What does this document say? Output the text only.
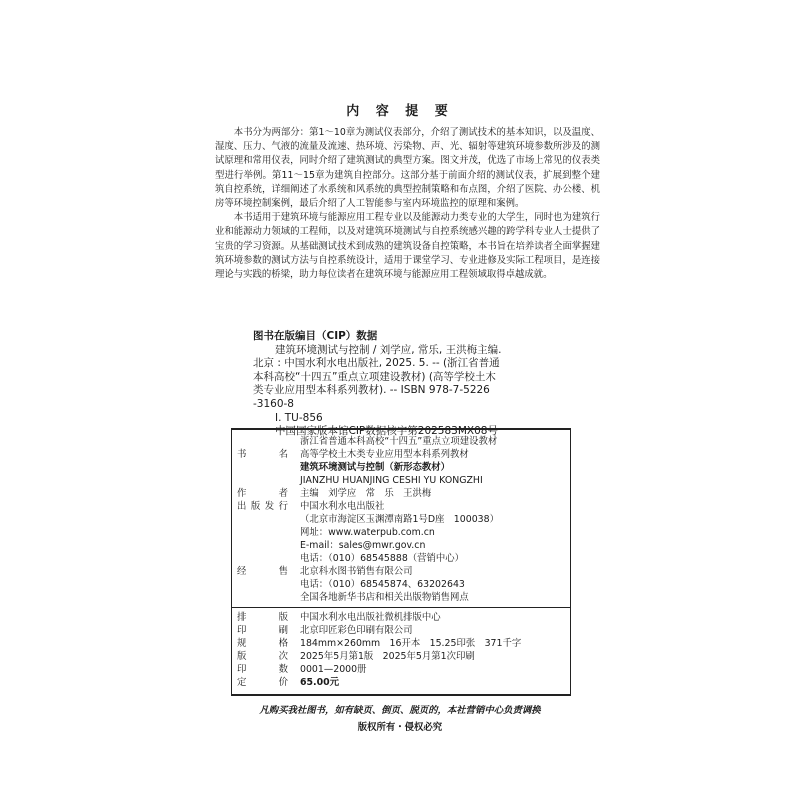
内 容 提 要

本书分为两部分：第1～10章为测试仪表部分，介绍了测试技术的基本知识，以及温度、湿度、压力、气液的流量及流速、热环境、污染物、声、光、辐射等建筑环境参数所涉及的测试原理和常用仪表，同时介绍了建筑测试的典型方案。图文并茂，优选了市场上常见的仪表类型进行举例。第11～15章为建筑自控部分。这部分基于前面介绍的测试仪表，扩展到整个建筑自控系统，详细阐述了水系统和风系统的典型控制策略和布点图，介绍了医院、办公楼、机房等环境控制案例，最后介绍了人工智能参与室内环境监控的原理和案例。

本书适用于建筑环境与能源应用工程专业以及能源动力类专业的大学生，同时也为建筑行业和能源动力领域的工程师，以及对建筑环境测试与自控系统感兴趣的跨学科专业人士提供了宝贵的学习资源。从基础测试技术到成熟的建筑设备自控策略，本书旨在培养读者全面掌握建筑环境参数的测试方法与自控系统设计，适用于课堂学习、专业进修及实际工程项目，是连接理论与实践的桥梁，助力每位读者在建筑环境与能源应用工程领域取得卓越成就。

图书在版编目（CIP）数据
建筑环境测试与控制 / 刘学应, 常乐, 王洪梅主编.
北京 : 中国水利水电出版社, 2025. 5. -- (浙江省普通
本科高校“十四五”重点立项建设教材) (高等学校土木
类专业应用型本科系列教材). -- ISBN 978-7-5226
-3160-8
Ⅰ. TU-856
中国国家版本馆CIP数据核字第202583MX08号
浙江省普通本科高校“十四五”重点立项建设教材
书 名 高等学校土木类专业应用型本科系列教材
建筑环境测试与控制（新形态教材）
JIANZHU HUANJING CESHI YU KONGZHI
作 者 主编　刘学应　常　乐　王洪梅
出版发行 中国水利水电出版社
（北京市海淀区玉渊潭南路1号D座　100038）
网址：www.waterpub.com.cn
E-mail：sales@mwr.gov.cn
电话：（010）68545888（营销中心）
经 售 北京科水图书销售有限公司
电话：（010）68545874、63202643
全国各地新华书店和相关出版物销售网点
排 版 中国水利水电出版社微机排版中心
印 刷 北京印匠彩色印刷有限公司
规 格 184mm×260mm　16开本　15.25印张　371千字
版 次 2025年5月第1版　2025年5月第1次印刷
印 数 0001—2000册
定 价 65.00元
凡购买我社图书，如有缺页、倒页、脱页的，本社营销中心负责调换
版权所有・侵权必究
